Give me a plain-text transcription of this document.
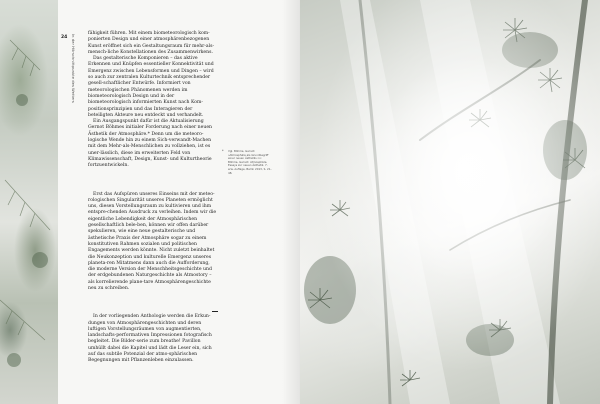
24 In der Hörschnittpunkte des Wetters

fähigkeit führen. Mit einem biometeorologisch kom-ponierten Design und einer atmosphärenbezogenen Kunst eröffnet sich ein Gestaltungsraum für mehr-als-mensch-liche Konstellationen des Zusammenwirkens.

Das gestalterische Komponieren – das aktive Erkennen und Knüpfen essentieller Konnektivität und Emergenz zwischen Lebensformen und Dingen – wird so auch zur zentralen Kulturtechnik entsprechender gesell-schaftlicher Entwürfe. Informiert von meteorologischen Phänomenen werden im biometeorologisch Design und in der biometeorologisch informierten Kunst nach Kom-positionsprinzipien und das Interagieren der beteiligten Akteure neu entdeckt und verhandelt.

Ein Ausgangspunkt dafür ist die Aktualisierung Gernot Böhmes initialer Forderung nach einer neuen Ästhetik der Atmosphäre.* Denn um die meteoro-logische Wende hin zu einem Sich-verwandt-Machen mit dem Mehr-als-Menschlichen zu vollziehen, ist es uner-lässlich, diese im erweiterten Feld von Klimawissenschaft, Design, Kunst- und Kulturtheorie fortzuentwickeln.

Erst das Aufspüren unseres Einseins mit der meteo-rologischen Singularität unseres Planeten ermöglicht uns, diesen Vorstellungsraum zu kultivieren und ihm entspre-chenden Ausdruck zu verleihen. Indem wir die eigentliche Lebendigkeit der Atmosphärischen gesellschaftlich bele-ben, können wir offen darüber spekulieren, wie eine neue gestalterische und ästhetische Praxis der Atmosphäre sogar zu einem konstitutiven Rahmen sozialen und politischen Engagements werden könnte. Nicht zuletzt beinhaltet die Neukonzeption und kulturelle Emergenz unseres planeta-ren Mitatmens dann auch die Aufforderung, die moderne Version der Menschheitsgeschichte und der erdgebundenen Naturgeschichte als Atmostory – als korrelierende plane-tare Atmosphärengeschichte neu zu schreiben.

In der vorliegenden Anthologie werden die Erkun-dungen von Atmosphärengeschichten und deren luftigen Vorstellungsräumen von augmentierten, landschafts-performativen Impressionen fotografisch begleitet. Die Bilder-serie zum breathe! Pavillon umhüllt dabei die Kapitel und lädt die Leser ein, sich auf das subtile Potenzial der atmo-sphärischen Begegnungen mit Pflanzenleben einzulassen.

* Vgl. Böhme, Gernot: »Atmosphäre als Grundbegriff einer neuen Ästhetik« in: Böhme, Gernot: Atmosphäre. Essays zur neuen Ästhetik. 7. erw. Auflage, Berlin 2013, S. 21–48.
